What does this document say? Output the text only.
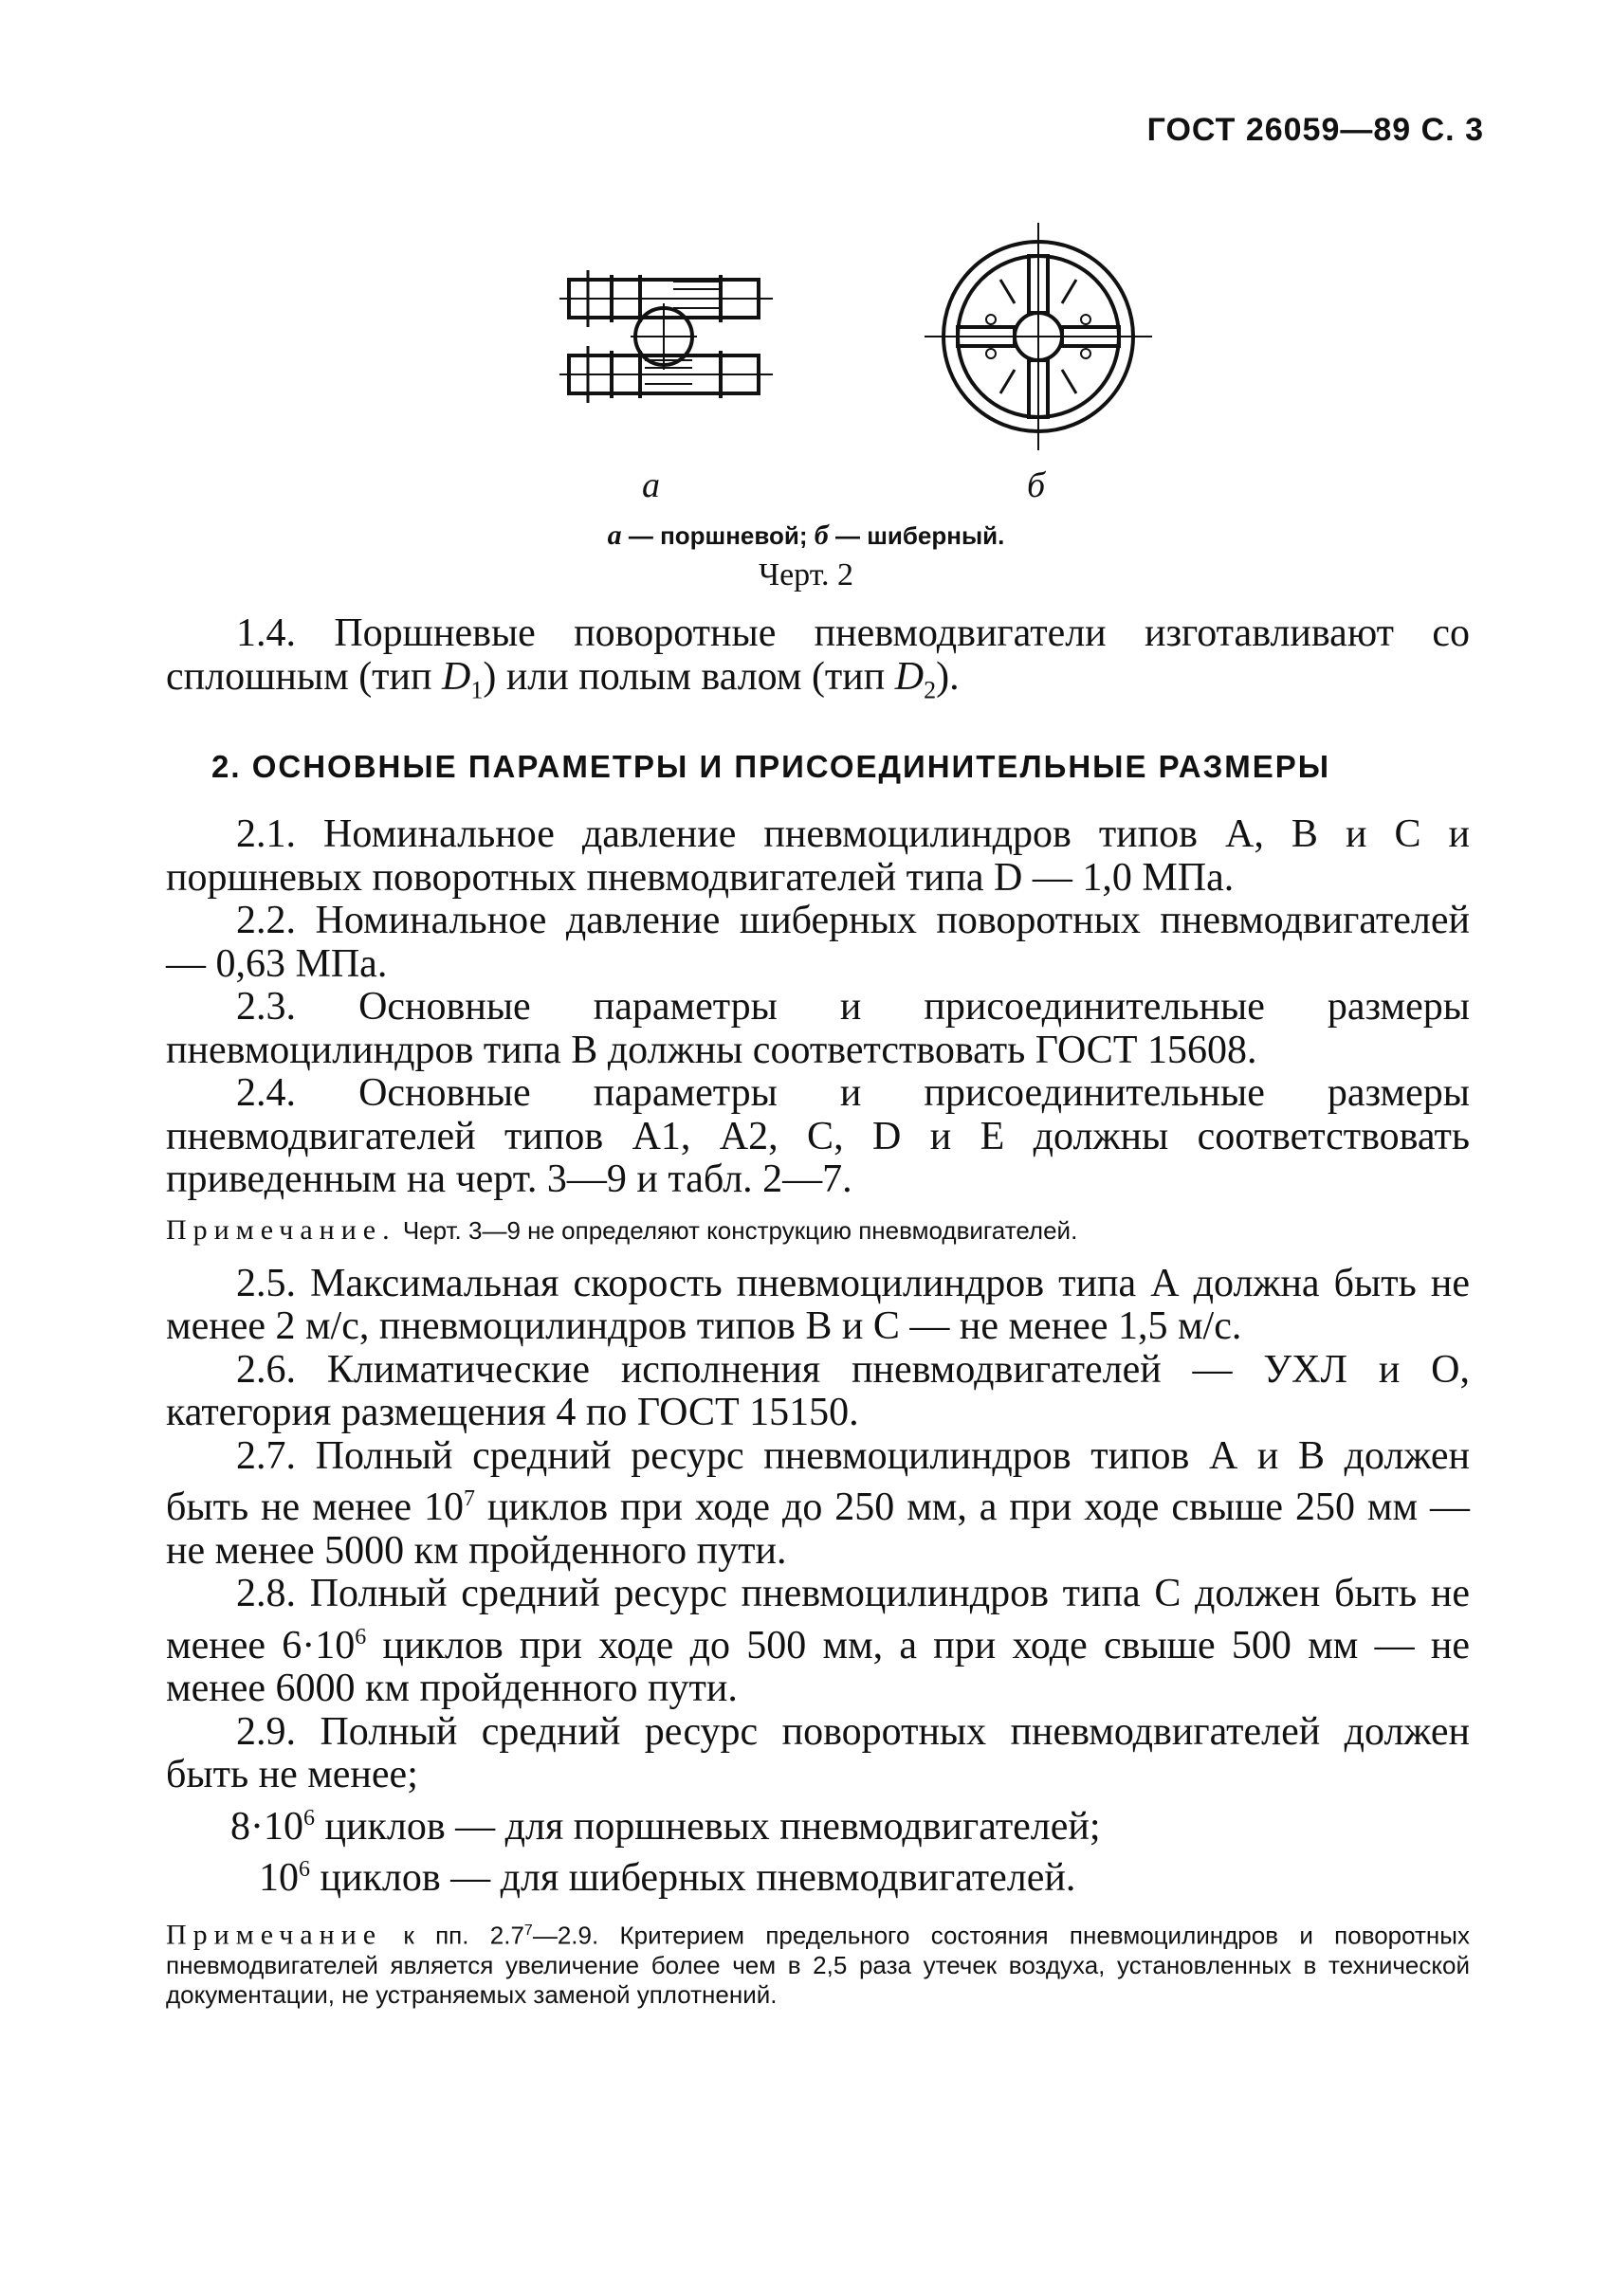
ГОСТ 26059—89 С. 3
а	б
а — поршневой; б — шиберный.
Черт. 2

1.4. Поршневые поворотные пневмодвигатели изготавливают со сплошным (тип $D_1$) или полым валом (тип $D_2$).

2. ОСНОВНЫЕ ПАРАМЕТРЫ И ПРИСОЕДИНИТЕЛЬНЫЕ РАЗМЕРЫ

2.1. Номинальное давление пневмоцилиндров типов А, В и С и поршневых поворотных пневмодвигателей типа D — 1,0 МПа.

2.2. Номинальное давление шиберных поворотных пневмодвигателей — 0,63 МПа.

2.3. Основные параметры и присоединительные размеры пневмоцилиндров типа В должны соответствовать ГОСТ 15608.

2.4. Основные параметры и присоединительные размеры пневмодвигателей типов А1, А2, С, D и Е должны соответствовать приведенным на черт. 3—9 и табл. 2—7.

Примечание. Черт. 3—9 не определяют конструкцию пневмодвигателей.

2.5. Максимальная скорость пневмоцилиндров типа А должна быть не менее 2 м/с, пневмоцилиндров типов В и С — не менее 1,5 м/с.

2.6. Климатические исполнения пневмодвигателей — УХЛ и О, категория размещения 4 по ГОСТ 15150.

2.7. Полный средний ресурс пневмоцилиндров типов А и В должен быть не менее $10^7$ циклов при ходе до 250 мм, а при ходе свыше 250 мм — не менее 5000 км пройденного пути.

2.8. Полный средний ресурс пневмоцилиндров типа С должен быть не менее $6\cdot 10^6$ циклов при ходе до 500 мм, а при ходе свыше 500 мм — не менее 6000 км пройденного пути.

2.9. Полный средний ресурс поворотных пневмодвигателей должен быть не менее;

$8\cdot 10^6$ циклов — для поршневых пневмодвигателей;

$10^6$ циклов — для шиберных пневмодвигателей.

Примечание к пп. $2.7^7—2.9$. Критерием предельного состояния пневмоцилиндров и поворотных пневмодвигателей является увеличение более чем в 2,5 раза утечек воздуха, установленных в технической документации, не устраняемых заменой уплотнений.
